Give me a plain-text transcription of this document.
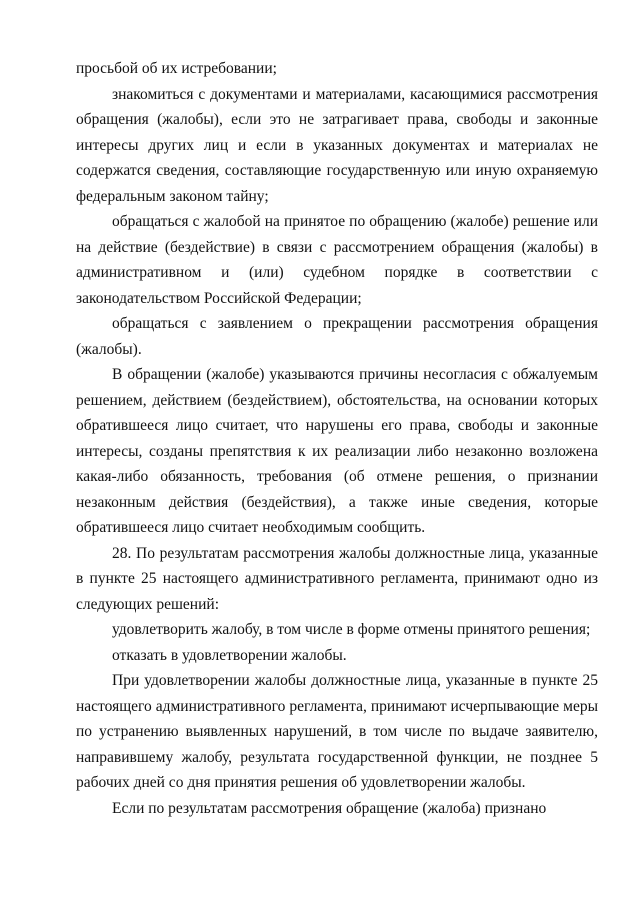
просьбой об их истребовании;

знакомиться с документами и материалами, касающимися рассмотрения обращения (жалобы), если это не затрагивает права, свободы и законные интересы других лиц и если в указанных документах и материалах не содержатся сведения, составляющие государственную или иную охраняемую федеральным законом тайну;

обращаться с жалобой на принятое по обращению (жалобе) решение или на действие (бездействие) в связи с рассмотрением обращения (жалобы) в административном и (или) судебном порядке в соответствии с законодательством Российской Федерации;

обращаться с заявлением о прекращении рассмотрения обращения (жалобы).

В обращении (жалобе) указываются причины несогласия с обжалуемым решением, действием (бездействием), обстоятельства, на основании которых обратившееся лицо считает, что нарушены его права, свободы и законные интересы, созданы препятствия к их реализации либо незаконно возложена какая-либо обязанность, требования (об отмене решения, о признании незаконным действия (бездействия), а также иные сведения, которые обратившееся лицо считает необходимым сообщить.

28. По результатам рассмотрения жалобы должностные лица, указанные в пункте 25 настоящего административного регламента, принимают одно из следующих решений:

удовлетворить жалобу, в том числе в форме отмены принятого решения;

отказать в удовлетворении жалобы.

При удовлетворении жалобы должностные лица, указанные в пункте 25 настоящего административного регламента, принимают исчерпывающие меры по устранению выявленных нарушений, в том числе по выдаче заявителю, направившему жалобу, результата государственной функции, не позднее 5 рабочих дней со дня принятия решения об удовлетворении жалобы.

Если по результатам рассмотрения обращение (жалоба) признано
